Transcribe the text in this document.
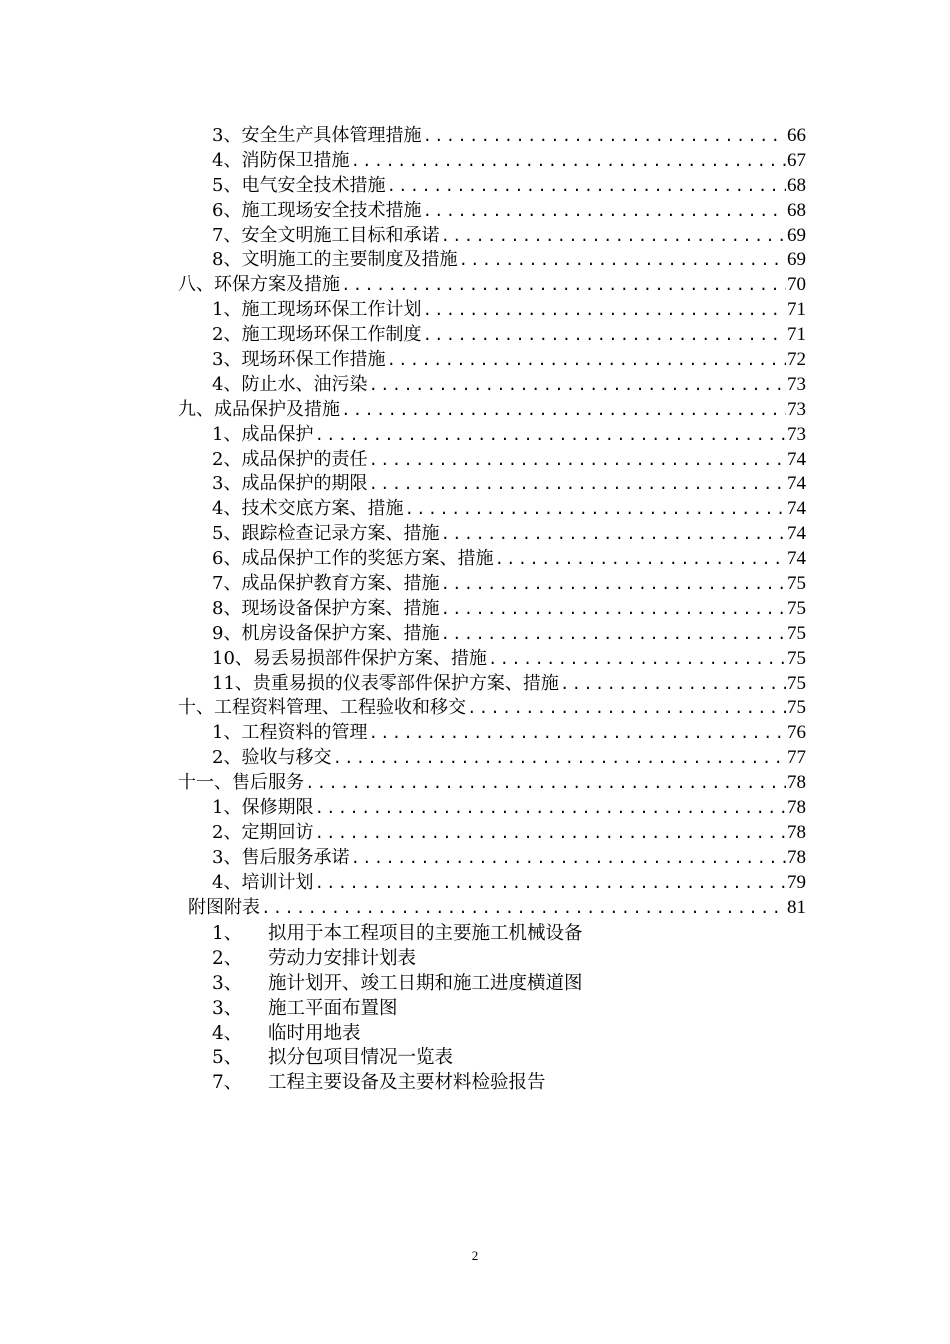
3、安全生产具体管理措施 .....	66
4、消防保卫措施 .....	67
5、电气安全技术措施 .....	68
6、施工现场安全技术措施 .....	68
7、安全文明施工目标和承诺 .....	69
8、文明施工的主要制度及措施 .....	69
八、环保方案及措施 .....	70
1、施工现场环保工作计划 .....	71
2、施工现场环保工作制度 .....	71
3、现场环保工作措施 .....	72
4、防止水、油污染 .....	73
九、成品保护及措施 .....	73
1、成品保护 .....	73
2、成品保护的责任 .....	74
3、成品保护的期限 .....	74
4、技术交底方案、措施 .....	74
5、跟踪检查记录方案、措施 .....	74
6、成品保护工作的奖惩方案、措施 .....	74
7、成品保护教育方案、措施 .....	75
8、现场设备保护方案、措施 .....	75
9、机房设备保护方案、措施 .....	75
10、易丢易损部件保护方案、措施 .....	75
11、贵重易损的仪表零部件保护方案、措施 .....	75
十、工程资料管理、工程验收和移交 .....	75
1、工程资料的管理 .....	76
2、验收与移交 .....	77
十一、售后服务 .....	78
1、保修期限 .....	78
2、定期回访 .....	78
3、售后服务承诺 .....	78
4、培训计划 .....	79
附图附表 .....	81
1、	拟用于本工程项目的主要施工机械设备
2、	劳动力安排计划表
3、	施计划开、竣工日期和施工进度横道图
3、	施工平面布置图
4、	临时用地表
5、	拟分包项目情况一览表
7、	工程主要设备及主要材料检验报告
2
